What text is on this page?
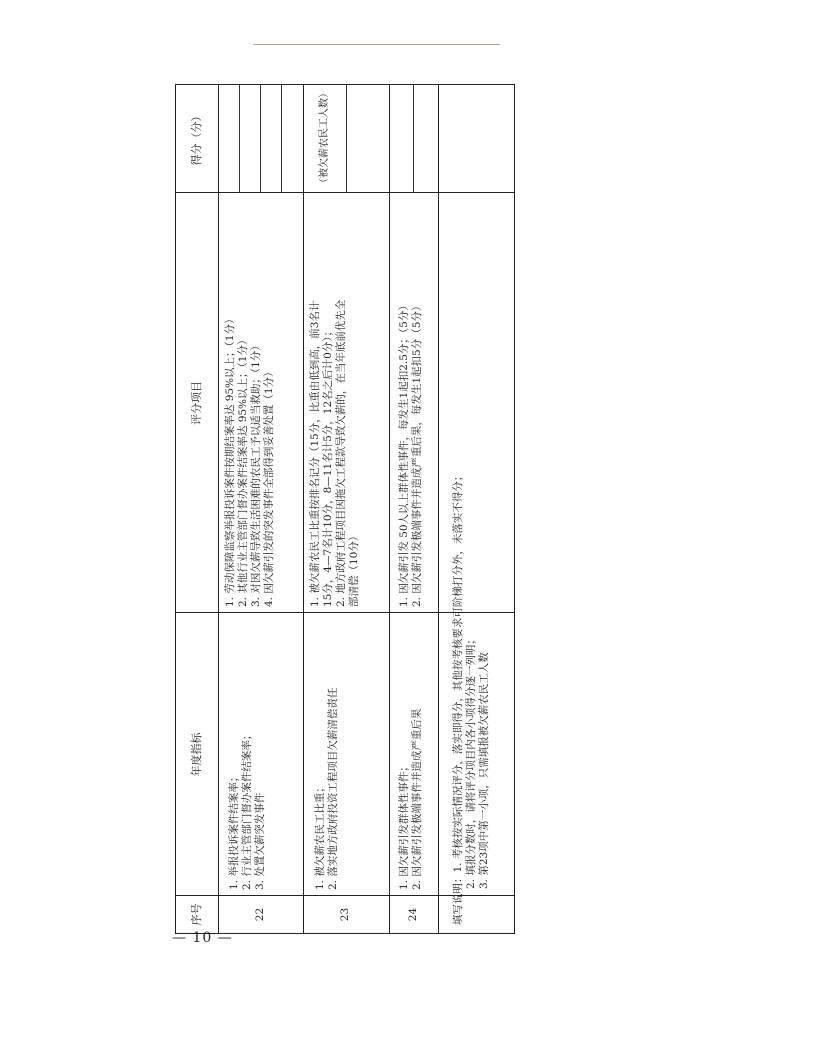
序号
年度指标
评分项目
得分（分）
22
1. 举报投诉案件结案率； 2. 行业主管部门督办案件结案率； 3. 处置欠薪突发事件
1. 劳动保障监察举报投诉案件按期结案率达 95%以上；（1分） 2. 其他行业主管部门督办案件结案率达 95%以上；（1分） 3. 对因欠薪导致生活困难的农民工予以适当救助；（1分） 4. 因欠薪引发的突发事件全部得到妥善处置（1分）
23
1. 被欠薪农民工比重； 2. 落实地方政府投资工程项目欠薪清偿责任
1. 被欠薪农民工比重按排名记分（15分，比重由低到高，前3名计 15分，4—7名计10分，8—11名计5分，12名之后计0分）； 2. 地方政府工程项目因拖欠工程款导致欠薪的，在当年底前优先全 部清偿（10分）
（被欠薪农民工人数）
24
1. 因欠薪引发群体性事件； 2. 因欠薪引发极端事件并造成严重后果
1. 因欠薪引发 50人以上群体性事件，每发生1起扣2.5分；（5分） 2. 因欠薪引发极端事件并造成严重后果，每发生1起扣5分（5分）
填写说明：1. 考核按实际情况评分，落实即得分，其他按考核要求可阶梯打分外，未落实不得分； 2. 填报分数时，请将评分项目内各小项得分逐一列明； 3. 第23项中第一小项，只需填报被欠薪农民工人数
— 10 —
